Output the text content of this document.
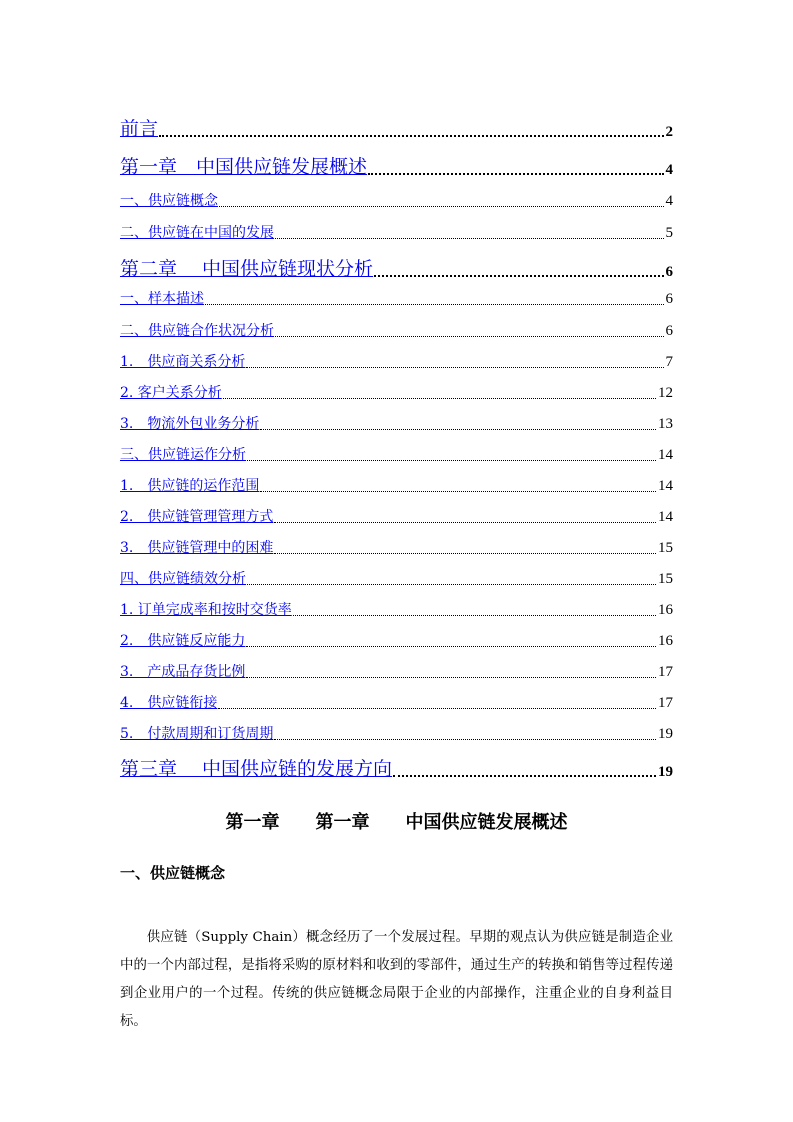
前言	2
第一章　中国供应链发展概述	4
一、供应链概念	4
二、供应链在中国的发展	5
第二章　 中国供应链现状分析	6
一、样本描述	6
二、供应链合作状况分析	6
1.　供应商关系分析	7
2. 客户关系分析	12
3.　物流外包业务分析	13
三、供应链运作分析	14
1.　供应链的运作范围	14
2.　供应链管理管理方式	14
3.　供应链管理中的困难	15
四、供应链绩效分析	15
1. 订单完成率和按时交货率	16
2.　供应链反应能力	16
3.　产成品存货比例	17
4.　供应链衔接	17
5.　付款周期和订货周期	19
第三章　 中国供应链的发展方向	19
第一章　　第一章　　中国供应链发展概述
一、供应链概念

供应链（Supply Chain）概念经历了一个发展过程。早期的观点认为供应链是制造企业中的一个内部过程，是指将采购的原材料和收到的零部件，通过生产的转换和销售等过程传递到企业用户的一个过程。传统的供应链概念局限于企业的内部操作，注重企业的自身利益目标。
